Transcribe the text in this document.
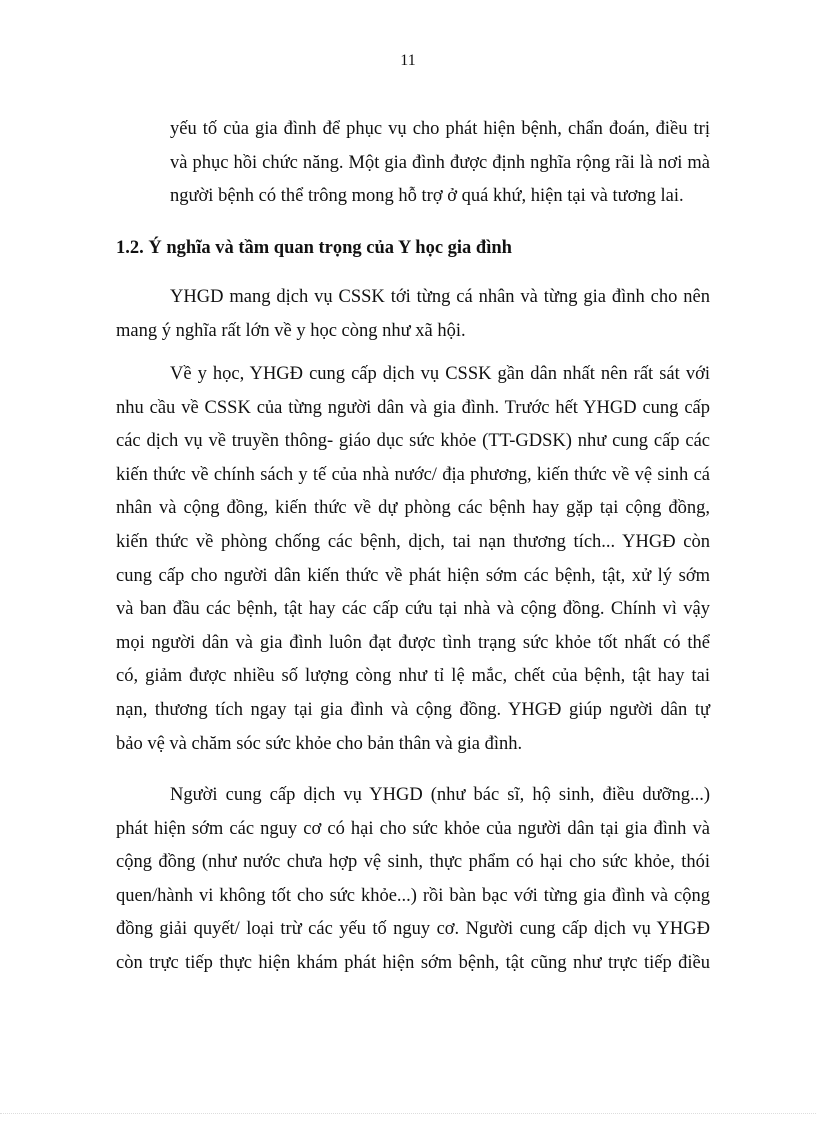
11

yếu tố của gia đình để phục vụ cho phát hiện bệnh, chẩn đoán, điều trị
và phục hồi chức năng. Một gia đình được định nghĩa rộng rãi là nơi mà
người bệnh có thể trông mong hỗ trợ ở quá khứ, hiện tại và tương lai.

1.2. Ý nghĩa và tầm quan trọng của Y học gia đình

YHGD mang dịch vụ CSSK tới từng cá nhân và từng gia đình cho nên
mang ý nghĩa rất lớn về y học còng như xã hội.

Về y học, YHGĐ cung cấp dịch vụ CSSK gần dân nhất nên rất sát với
nhu cầu về CSSK của từng người dân và gia đình. Trước hết YHGD cung cấp
các dịch vụ về truyền thông- giáo dục sức khỏe (TT-GDSK) như cung cấp các
kiến thức về chính sách y tế của nhà nước/ địa phương, kiến thức về vệ sinh cá
nhân và cộng đồng, kiến thức về dự phòng các bệnh hay gặp tại cộng đồng,
kiến thức về phòng chống các bệnh, dịch, tai nạn thương tích... YHGĐ còn
cung cấp cho người dân kiến thức về phát hiện sớm các bệnh, tật, xử lý sớm
và ban đầu các bệnh, tật hay các cấp cứu tại nhà và cộng đồng. Chính vì vậy
mọi người dân và gia đình luôn đạt được tình trạng sức khỏe tốt nhất có thể
có, giảm được nhiều số lượng còng như tỉ lệ mắc, chết của bệnh, tật hay tai
nạn, thương tích ngay tại gia đình và cộng đồng. YHGĐ giúp người dân tự
bảo vệ và chăm sóc sức khỏe cho bản thân và gia đình.

Người cung cấp dịch vụ YHGD (như bác sĩ, hộ sinh, điều dưỡng...)
phát hiện sớm các nguy cơ có hại cho sức khỏe của người dân tại gia đình và
cộng đồng (như nước chưa hợp vệ sinh, thực phẩm có hại cho sức khỏe, thói
quen/hành vi không tốt cho sức khỏe...) rồi bàn bạc với từng gia đình và cộng
đồng giải quyết/ loại trừ các yếu tố nguy cơ. Người cung cấp dịch vụ YHGĐ
còn trực tiếp thực hiện khám phát hiện sớm bệnh, tật cũng như trực tiếp điều
